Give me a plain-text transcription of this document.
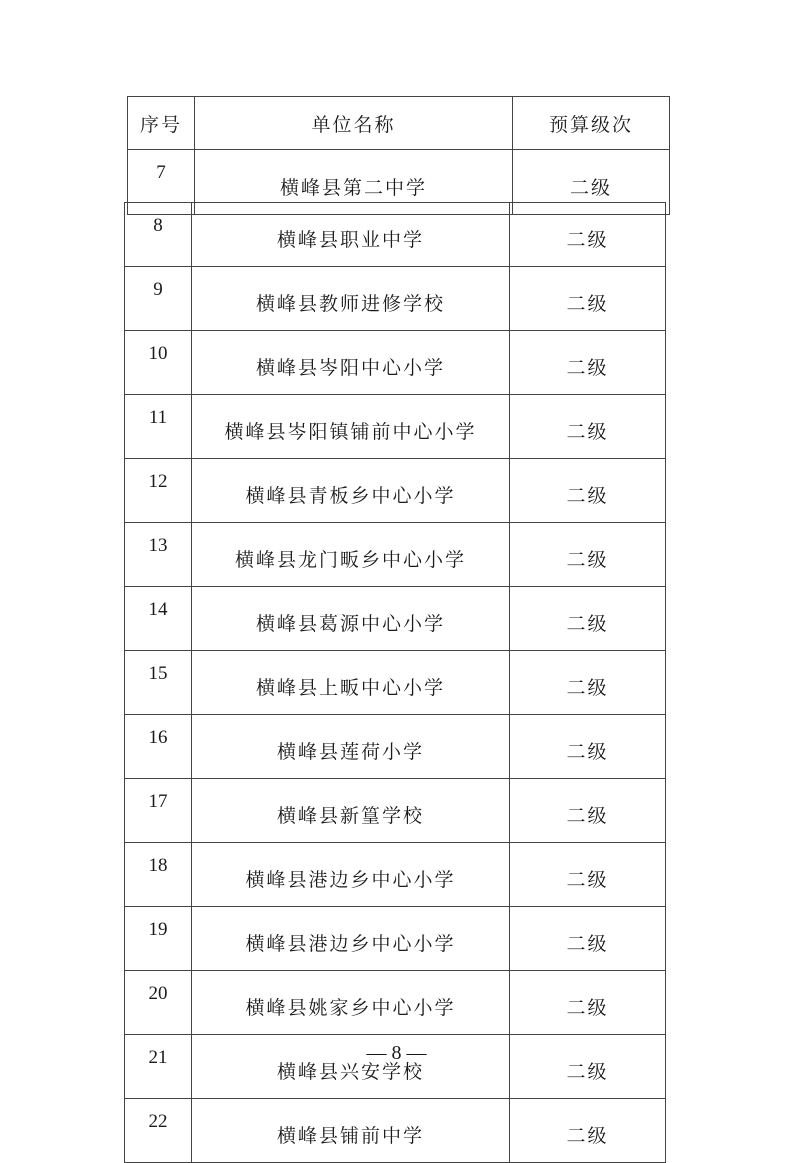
序号	单位名称	预算级次
7	横峰县第二中学	二级
8	横峰县职业中学	二级
9	横峰县教师进修学校	二级
10	横峰县岑阳中心小学	二级
11	横峰县岑阳镇铺前中心小学	二级
12	横峰县青板乡中心小学	二级
13	横峰县龙门畈乡中心小学	二级
14	横峰县葛源中心小学	二级
15	横峰县上畈中心小学	二级
16	横峰县莲荷小学	二级
17	横峰县新篁学校	二级
18	横峰县港边乡中心小学	二级
19	横峰县港边乡中心小学	二级
20	横峰县姚家乡中心小学	二级
21	横峰县兴安学校	二级
22	横峰县铺前中学	二级
— 8 —
